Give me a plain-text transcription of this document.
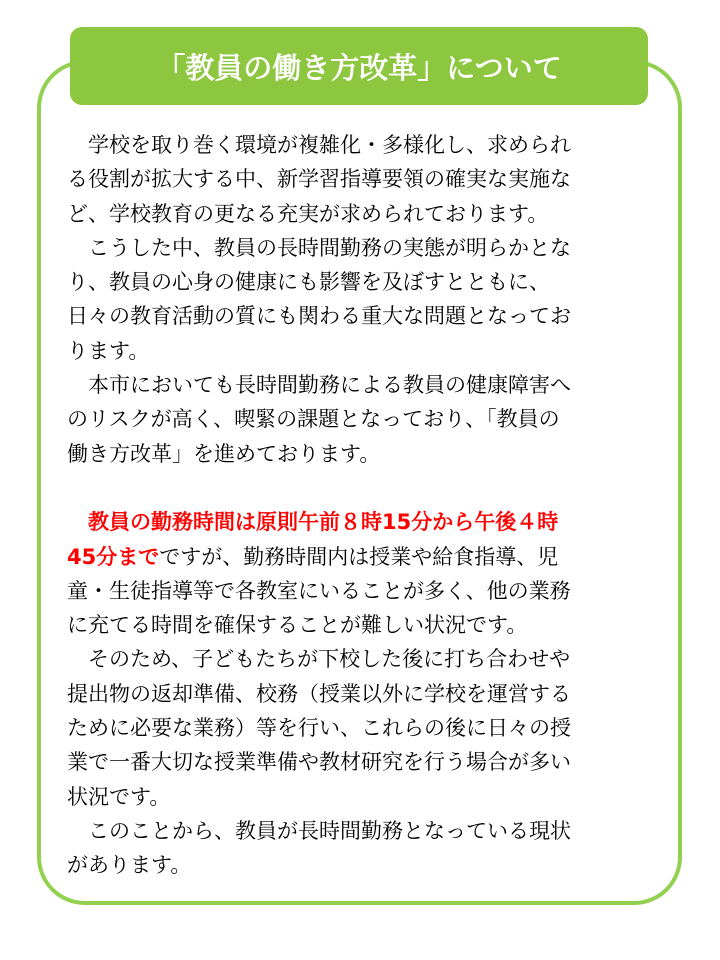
「教員の働き方改革」について
　学校を取り巻く環境が複雑化・多様化し、求められ
る役割が拡大する中、新学習指導要領の確実な実施な
ど、学校教育の更なる充実が求められております。
　こうした中、教員の長時間勤務の実態が明らかとな
り、教員の心身の健康にも影響を及ぼすとともに、
日々の教育活動の質にも関わる重大な問題となってお
ります。
　本市においても長時間勤務による教員の健康障害へ
のリスクが高く、喫緊の課題となっており、「教員の
働き方改革」を進めております。
　教員の勤務時間は原則午前８時15分から午後４時
45分までですが、勤務時間内は授業や給食指導、児
童・生徒指導等で各教室にいることが多く、他の業務
に充てる時間を確保することが難しい状況です。
　そのため、子どもたちが下校した後に打ち合わせや
提出物の返却準備、校務（授業以外に学校を運営する
ために必要な業務）等を行い、これらの後に日々の授
業で一番大切な授業準備や教材研究を行う場合が多い
状況です。
　このことから、教員が長時間勤務となっている現状
があります。
